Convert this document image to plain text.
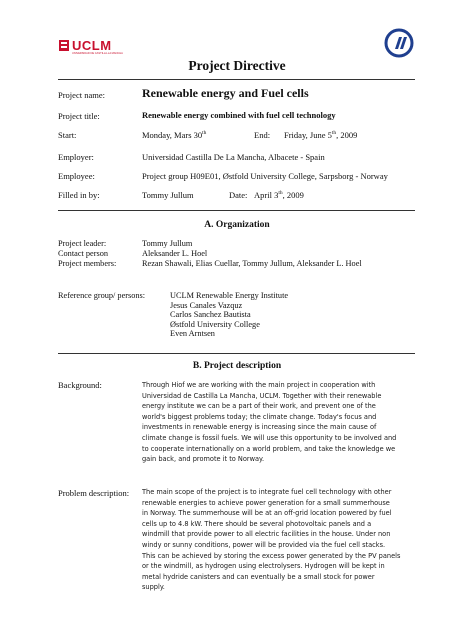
UCLM
UNIVERSIDAD DE CASTILLA-LA MANCHA
Project Directive
Project name:	Renewable energy and Fuel cells
Project title:	Renewable energy combined with fuel cell technology
Start:	Monday, Mars 30th	End: Friday, June 5th, 2009
Employer:	Universidad Castilla De La Mancha, Albacete - Spain
Employee:	Project group H09E01, Østfold University College, Sarpsborg - Norway
Filled in by:	Tommy Jullum	Date: April 3th, 2009
A. Organization
Project leader:	Tommy Jullum
Contact person	Aleksander L. Hoel
Project members:	Rezan Shawali, Elias Cuellar, Tommy Jullum, Aleksander L. Hoel
Reference group/ persons:	UCLM Renewable Energy Institute
Jesus Canales Vazquz
Carlos Sanchez Bautista
Østfold University College
Even Arntsen
B. Project description
Background:	Through Hiof we are working with the main project in cooperation with
Universidad de Castilla La Mancha, UCLM. Together with their renewable
energy institute we can be a part of their work, and prevent one of the
world's biggest problems today; the climate change. Today's focus and
investments in renewable energy is increasing since the main cause of
climate change is fossil fuels. We will use this opportunity to be involved and
to cooperate internationally on a world problem, and take the knowledge we
gain back, and promote it to Norway.
Problem description: The main scope of the project is to integrate fuel cell technology with other
renewable energies to achieve power generation for a small summerhouse
in Norway. The summerhouse will be at an off-grid location powered by fuel
cells up to 4.8 kW. There should be several photovoltaic panels and a
windmill that provide power to all electric facilities in the house. Under non
windy or sunny conditions, power will be provided via the fuel cell stacks.
This can be achieved by storing the excess power generated by the PV panels
or the windmill, as hydrogen using electrolysers. Hydrogen will be kept in
metal hydride canisters and can eventually be a small stock for power
supply.
